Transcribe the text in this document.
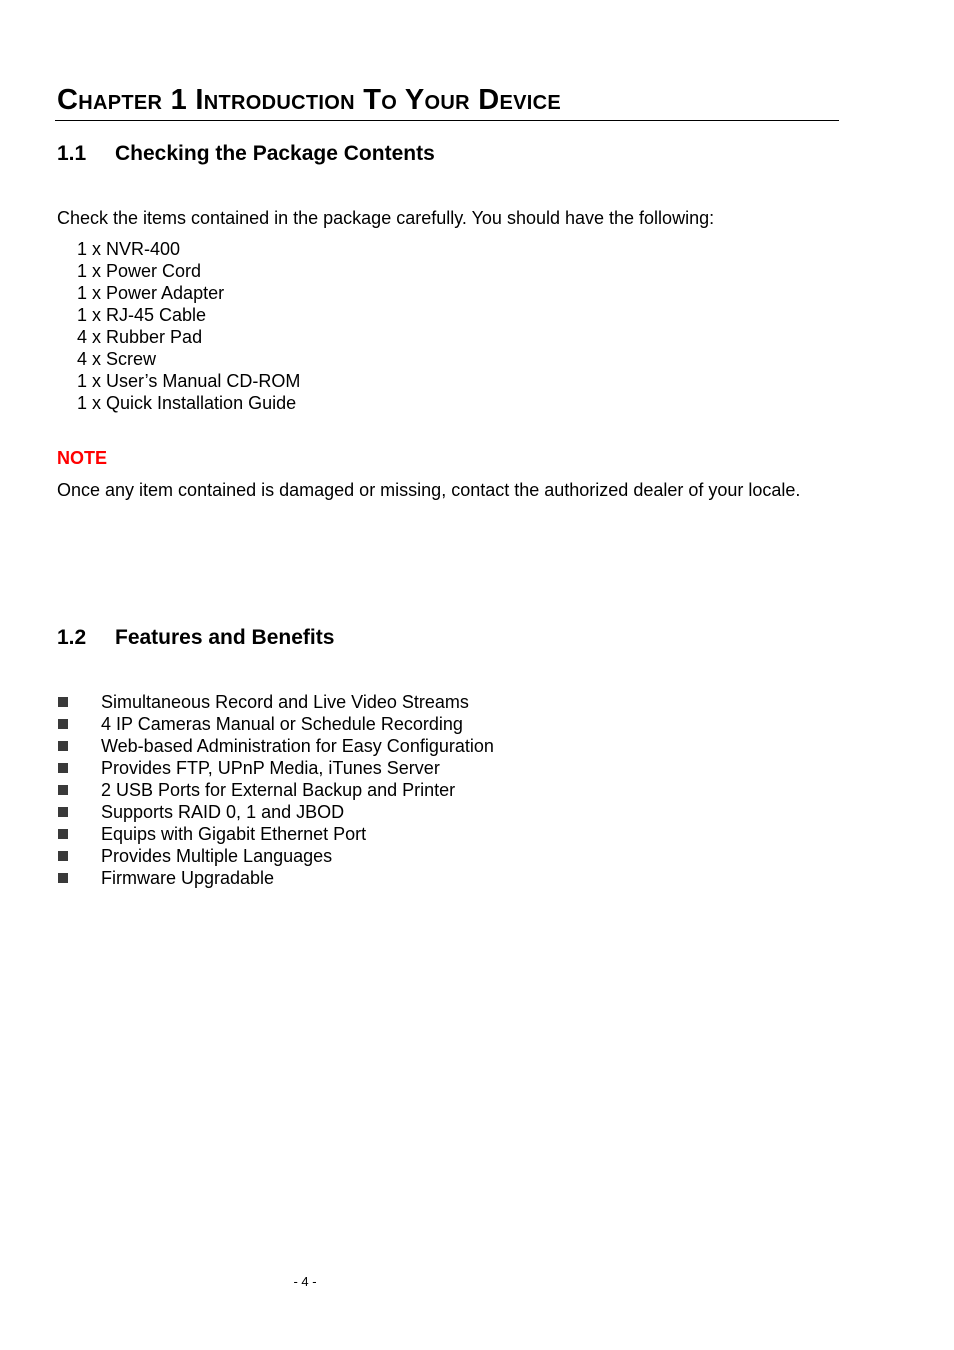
Chapter 1 Introduction To Your Device
1.1 Checking the Package Contents

Check the items contained in the package carefully. You should have the following:

1 x NVR-400
1 x Power Cord
1 x Power Adapter
1 x RJ-45 Cable
4 x Rubber Pad
4 x Screw
1 x User’s Manual CD-ROM
1 x Quick Installation Guide

NOTE

Once any item contained is damaged or missing, contact the authorized dealer of your locale.

1.2 Features and Benefits
Simultaneous Record and Live Video Streams
4 IP Cameras Manual or Schedule Recording
Web-based Administration for Easy Configuration
Provides FTP, UPnP Media, iTunes Server
2 USB Ports for External Backup and Printer
Supports RAID 0, 1 and JBOD
Equips with Gigabit Ethernet Port
Provides Multiple Languages
Firmware Upgradable

- 4 -
